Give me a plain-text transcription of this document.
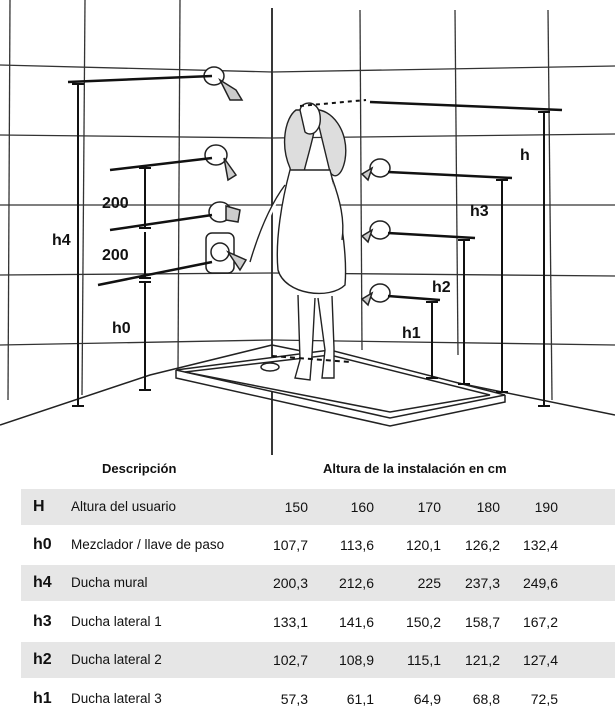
h4
200
200
h0
h
h3
h2
h1
Descripción	Altura de la instalación en cm
H Altura del usuario	150	160	170	180	190
h0 Mezclador / llave de paso	107,7	113,6	120,1	126,2	132,4
h4 Ducha mural	200,3	212,6	225	237,3	249,6
h3 Ducha lateral 1	133,1	141,6	150,2	158,7	167,2
h2 Ducha lateral 2	102,7	108,9	115,1	121,2	127,4
h1 Ducha lateral 3	57,3	61,1	64,9	68,8	72,5
